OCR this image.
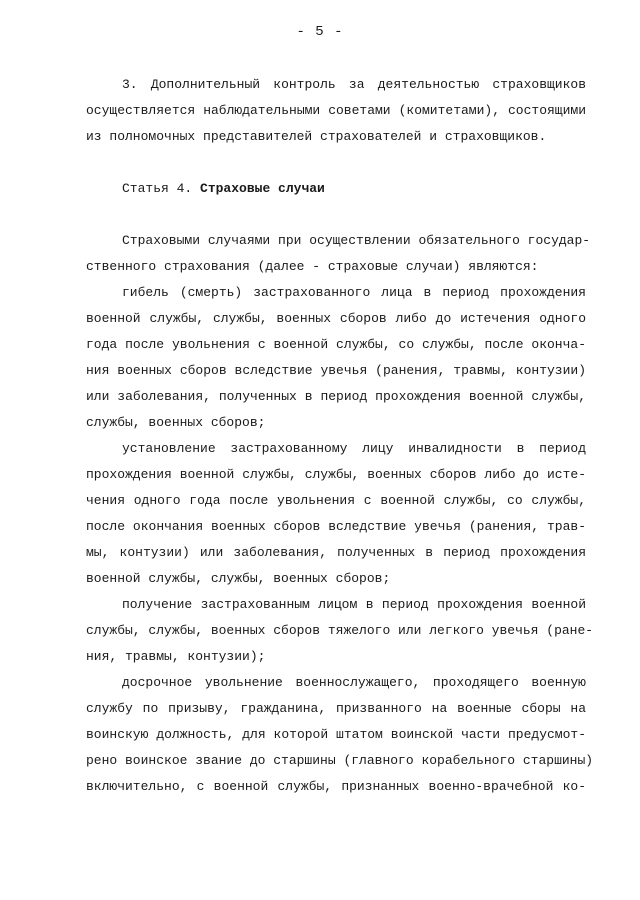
- 5 -
3. Дополнительный контроль за деятельностью страховщиков
осуществляется наблюдательными советами (комитетами), состоящими
из полномочных представителей страхователей и страховщиков.
Статья 4. Страховые случаи
Страховыми случаями при осуществлении обязательного государ-
ственного страхования (далее - страховые случаи) являются:
гибель (смерть) застрахованного лица в период прохождения
военной службы, службы, военных сборов либо до истечения одного
года после увольнения с военной службы, со службы, после оконча-
ния военных сборов вследствие увечья (ранения, травмы, контузии)
или заболевания, полученных в период прохождения военной службы,
службы, военных сборов;
установление застрахованному лицу инвалидности в период
прохождения военной службы, службы, военных сборов либо до исте-
чения одного года после увольнения с военной службы, со службы,
после окончания военных сборов вследствие увечья (ранения, трав-
мы, контузии) или заболевания, полученных в период прохождения
военной службы, службы, военных сборов;
получение застрахованным лицом в период прохождения военной
службы, службы, военных сборов тяжелого или легкого увечья (ране-
ния, травмы, контузии);
досрочное увольнение военнослужащего, проходящего военную
службу по призыву, гражданина, призванного на военные сборы на
воинскую должность, для которой штатом воинской части предусмот-
рено воинское звание до старшины (главного корабельного старшины)
включительно, с военной службы, признанных военно-врачебной ко-
